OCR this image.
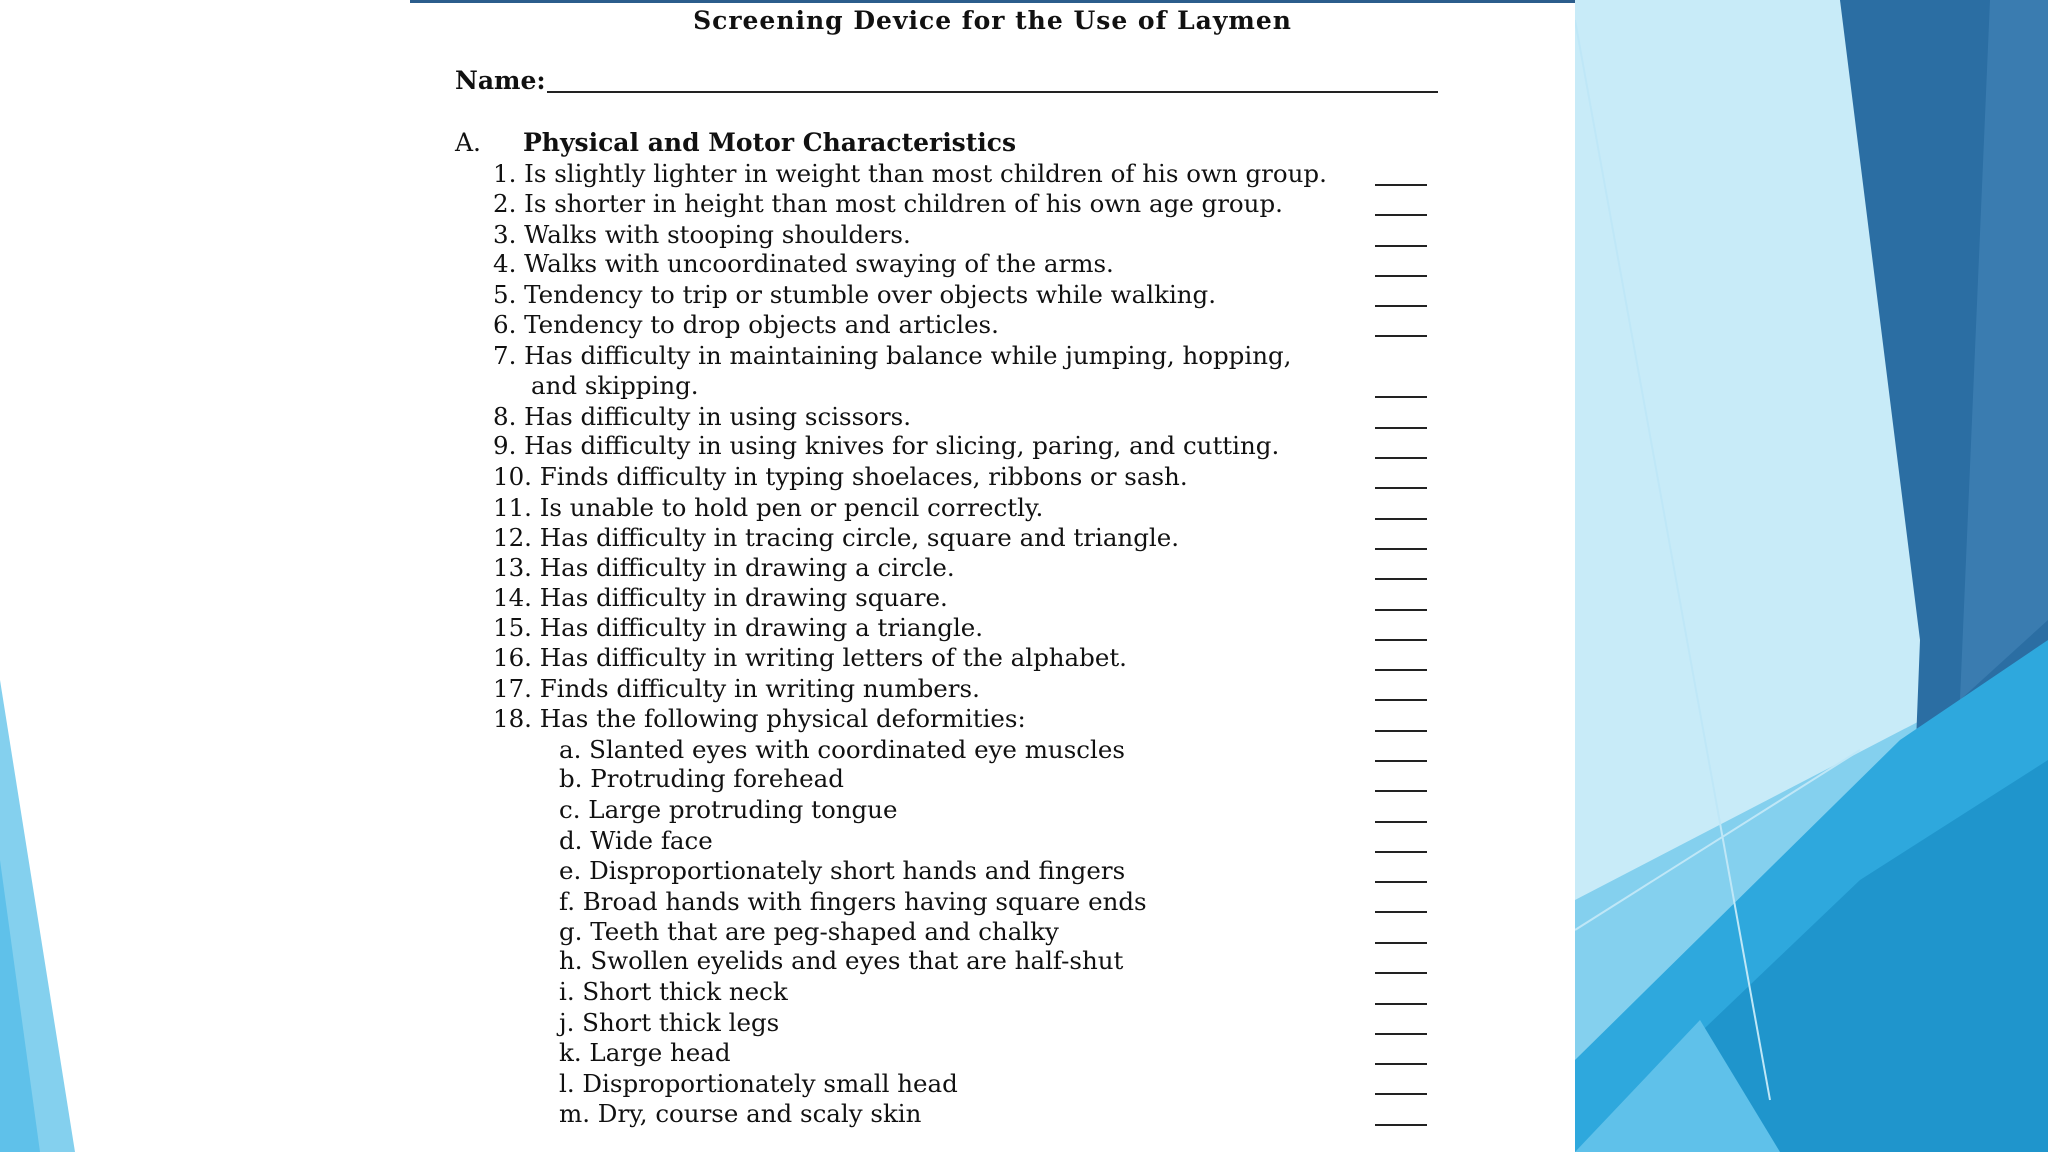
Screening Device for the Use of Laymen
Name:
A. Physical and Motor Characteristics
1. Is slightly lighter in weight than most children of his own group.
2. Is shorter in height than most children of his own age group.
3. Walks with stooping shoulders.
4. Walks with uncoordinated swaying of the arms.
5. Tendency to trip or stumble over objects while walking.
6. Tendency to drop objects and articles.
7. Has difficulty in maintaining balance while jumping, hopping,
and skipping.
8. Has difficulty in using scissors.
9. Has difficulty in using knives for slicing, paring, and cutting.
10. Finds difficulty in typing shoelaces, ribbons or sash.
11. Is unable to hold pen or pencil correctly.
12. Has difficulty in tracing circle, square and triangle.
13. Has difficulty in drawing a circle.
14. Has difficulty in drawing square.
15. Has difficulty in drawing a triangle.
16. Has difficulty in writing letters of the alphabet.
17. Finds difficulty in writing numbers.
18. Has the following physical deformities:
a. Slanted eyes with coordinated eye muscles
b. Protruding forehead
c. Large protruding tongue
d. Wide face
e. Disproportionately short hands and fingers
f. Broad hands with fingers having square ends
g. Teeth that are peg-shaped and chalky
h. Swollen eyelids and eyes that are half-shut
i. Short thick neck
j. Short thick legs
k. Large head
l. Disproportionately small head
m. Dry, course and scaly skin
